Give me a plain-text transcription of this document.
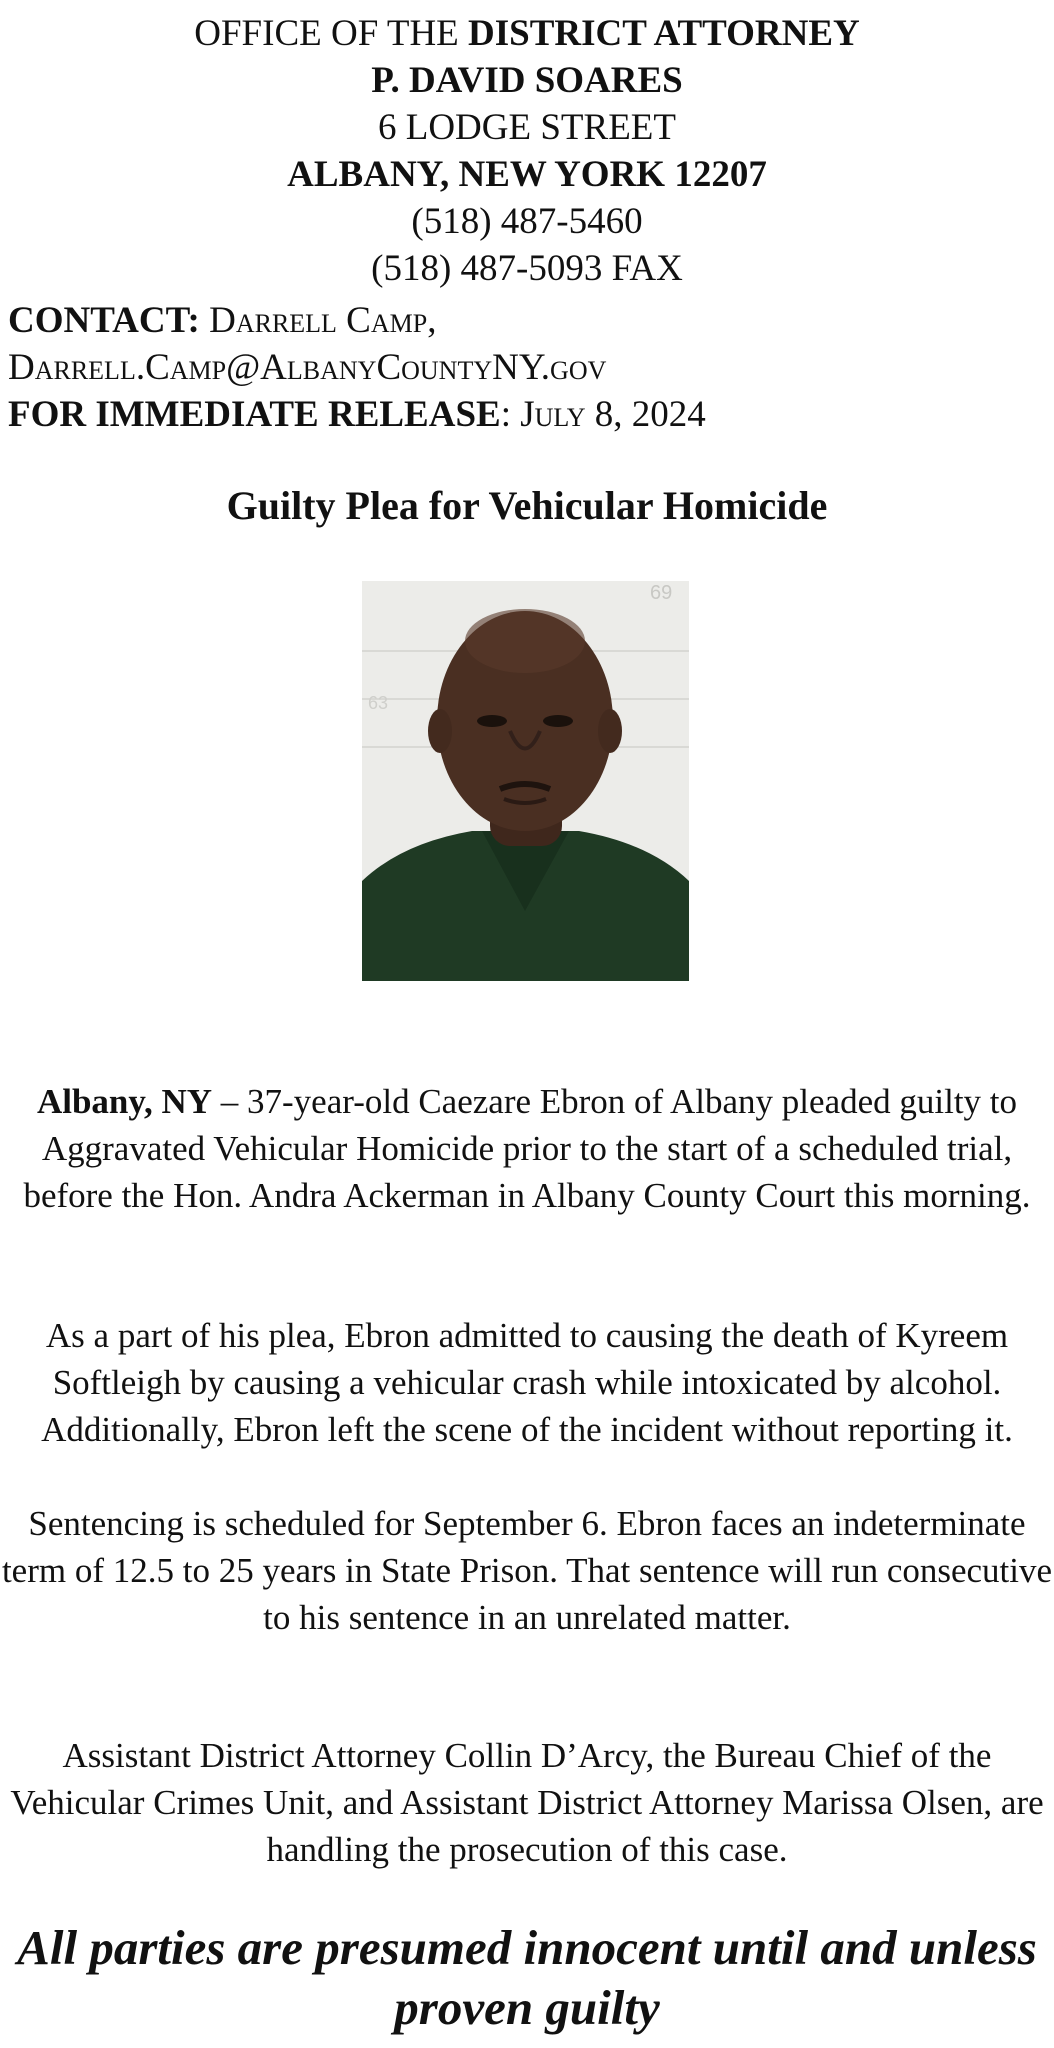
OFFICE OF THE DISTRICT ATTORNEY
P. DAVID SOARES
6 LODGE STREET
ALBANY, NEW YORK 12207
(518) 487-5460
(518) 487-5093 FAX
CONTACT: Darrell Camp,
Darrell.Camp@AlbanyCountyNY.gov
FOR IMMEDIATE RELEASE: July 8, 2024
Guilty Plea for Vehicular Homicide
69
63
Albany, NY – 37-year-old Caezare Ebron of Albany pleaded guilty to Aggravated Vehicular Homicide prior to the start of a scheduled trial, before the Hon. Andra Ackerman in Albany County Court this morning.
As a part of his plea, Ebron admitted to causing the death of Kyreem Softleigh by causing a vehicular crash while intoxicated by alcohol. Additionally, Ebron left the scene of the incident without reporting it.
Sentencing is scheduled for September 6. Ebron faces an indeterminate term of 12.5 to 25 years in State Prison. That sentence will run consecutive to his sentence in an unrelated matter.
Assistant District Attorney Collin D’Arcy, the Bureau Chief of the Vehicular Crimes Unit, and Assistant District Attorney Marissa Olsen, are handling the prosecution of this case.
All parties are presumed innocent until and unless proven guilty
